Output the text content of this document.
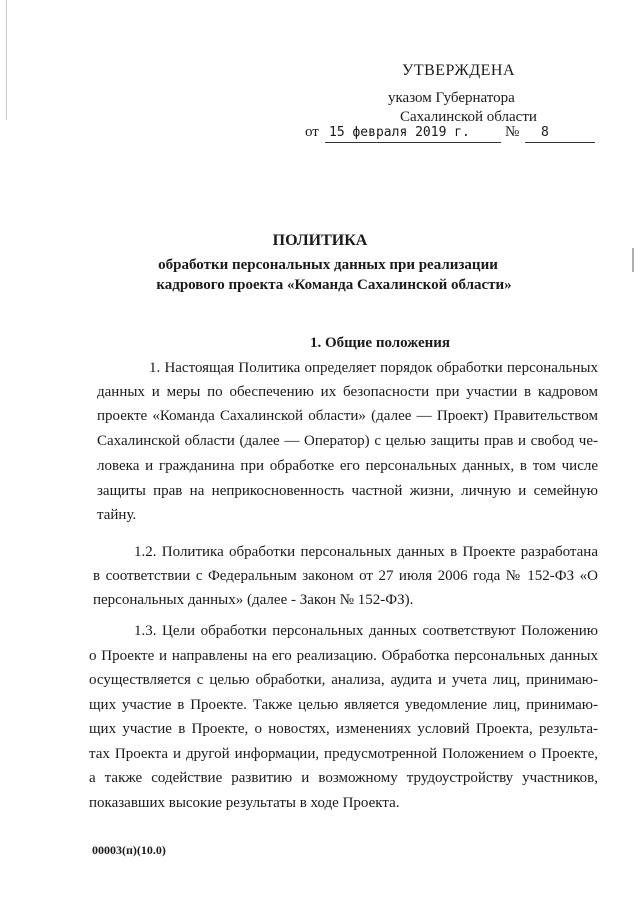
УТВЕРЖДЕНА
указом Губернатора
Сахалинской области
от 15 февраля 2019 г.	№	8
ПОЛИТИКА
обработки персональных данных при реализации
кадрового проекта «Команда Сахалинской области»
1. Общие положения
1. Настоящая Политика определяет порядок обработки персональных
данных и меры по обеспечению их безопасности при участии в кадровом
проекте «Команда Сахалинской области» (далее — Проект) Правительством
Сахалинской области (далее — Оператор) с целью защиты прав и свобод че-
ловека и гражданина при обработке его персональных данных, в том числе
защиты прав на неприкосновенность частной жизни, личную и семейную
тайну.
1.2. Политика обработки персональных данных в Проекте разработана
в соответствии с Федеральным законом от 27 июля 2006 года № 152-ФЗ «О
персональных данных» (далее - Закон № 152-ФЗ).
1.3. Цели обработки персональных данных соответствуют Положению
о Проекте и направлены на его реализацию. Обработка персональных данных
осуществляется с целью обработки, анализа, аудита и учета лиц, принимаю-
щих участие в Проекте. Также целью является уведомление лиц, принимаю-
щих участие в Проекте, о новостях, изменениях условий Проекта, результа-
тах Проекта и другой информации, предусмотренной Положением о Проекте,
а также содействие развитию и возможному трудоустройству участников,
показавших высокие результаты в ходе Проекта.
00003(п)(10.0)
